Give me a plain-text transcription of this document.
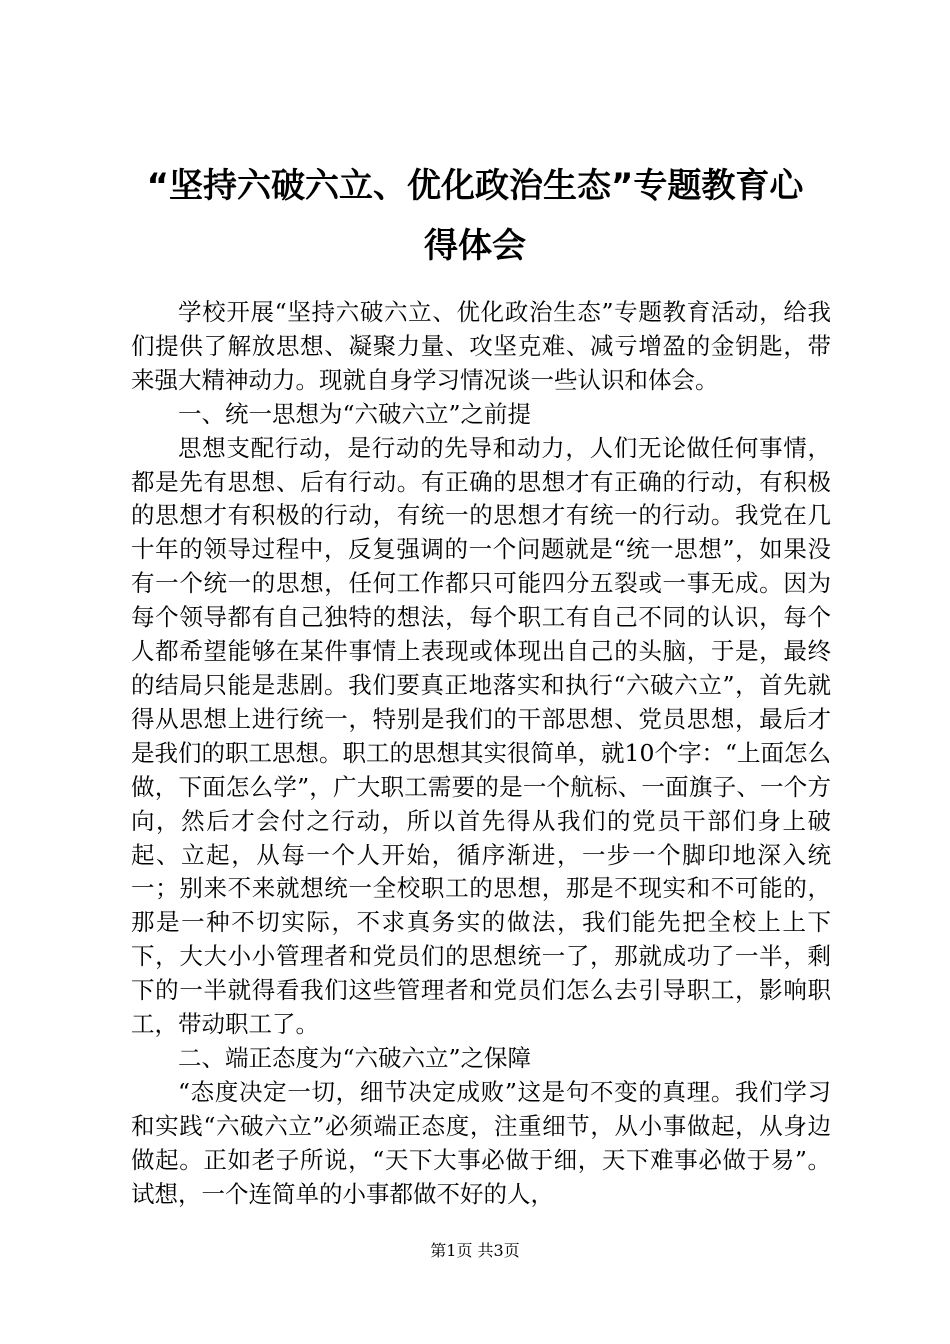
“坚持六破六立、优化政治生态”专题教育心
得体会

学校开展“坚持六破六立、优化政治生态”专题教育活动，给我们提供了解放思想、凝聚力量、攻坚克难、减亏增盈的金钥匙，带来强大精神动力。现就自身学习情况谈一些认识和体会。

一、统一思想为“六破六立”之前提

思想支配行动，是行动的先导和动力，人们无论做任何事情，都是先有思想、后有行动。有正确的思想才有正确的行动，有积极的思想才有积极的行动，有统一的思想才有统一的行动。我党在几十年的领导过程中，反复强调的一个问题就是“统一思想”，如果没有一个统一的思想，任何工作都只可能四分五裂或一事无成。因为每个领导都有自己独特的想法，每个职工有自己不同的认识，每个人都希望能够在某件事情上表现或体现出自己的头脑，于是，最终的结局只能是悲剧。我们要真正地落实和执行“六破六立”，首先就得从思想上进行统一，特别是我们的干部思想、党员思想，最后才是我们的职工思想。职工的思想其实很简单，就10个字：“上面怎么做，下面怎么学”，广大职工需要的是一个航标、一面旗子、一个方向，然后才会付之行动，所以首先得从我们的党员干部们身上破起、立起，从每一个人开始，循序渐进，一步一个脚印地深入统一；别来不来就想统一全校职工的思想，那是不现实和不可能的，那是一种不切实际，不求真务实的做法，我们能先把全校上上下下，大大小小管理者和党员们的思想统一了，那就成功了一半，剩下的一半就得看我们这些管理者和党员们怎么去引导职工，影响职工，带动职工了。

二、端正态度为“六破六立”之保障

“态度决定一切，细节决定成败”这是句不变的真理。我们学习和实践“六破六立”必须端正态度，注重细节，从小事做起，从身边做起。正如老子所说，“天下大事必做于细，天下难事必做于易”。试想，一个连简单的小事都做不好的人，

第1页 共3页
